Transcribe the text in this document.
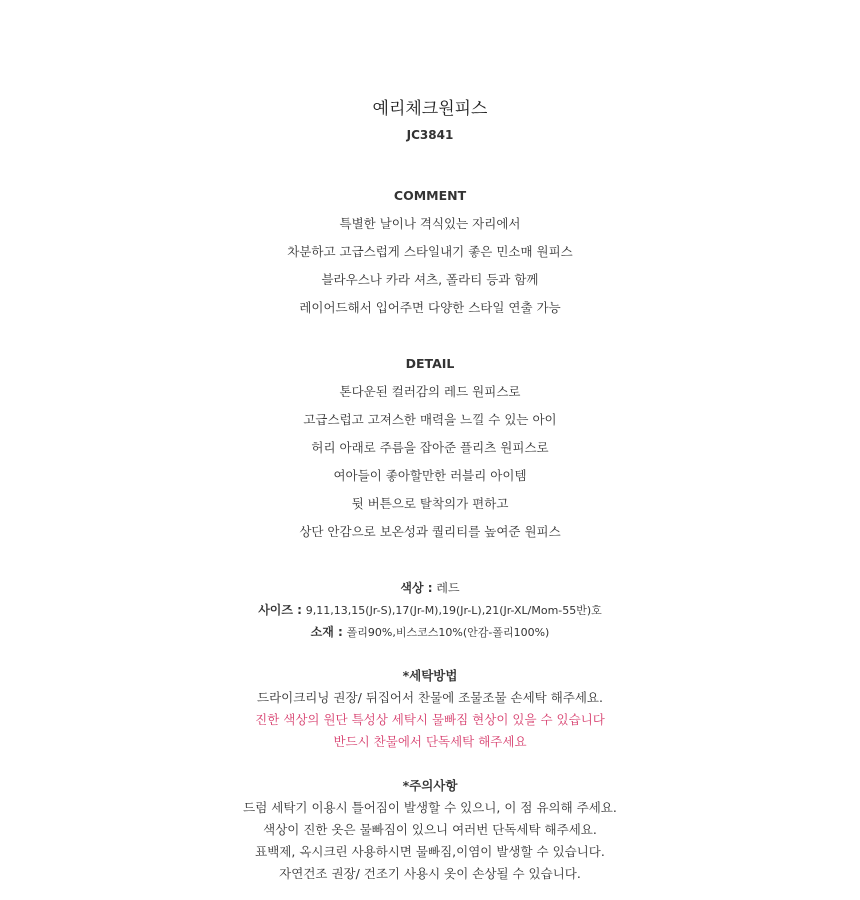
예리체크원피스
JC3841
COMMENT
특별한 날이나 격식있는 자리에서
차분하고 고급스럽게 스타일내기 좋은 민소매 원피스
블라우스나 카라 셔츠, 폴라티 등과 함께
레이어드해서 입어주면 다양한 스타일 연출 가능
DETAIL
톤다운된 컬러감의 레드 원피스로
고급스럽고 고져스한 매력을 느낄 수 있는 아이
허리 아래로 주름을 잡아준 플리츠 원피스로
여아들이 좋아할만한 러블리 아이템
뒷 버튼으로 탈착의가 편하고
상단 안감으로 보온성과 퀄리티를 높여준 원피스
색상 : 레드
사이즈 : 9,11,13,15(Jr-S),17(Jr-M),19(Jr-L),21(Jr-XL/Mom-55반)호
소재 : 폴리90%,비스코스10%(안감-폴리100%)
*세탁방법
드라이크리닝 권장/ 뒤집어서 찬물에 조물조물 손세탁 해주세요.
진한 색상의 원단 특성상 세탁시 물빠짐 현상이 있을 수 있습니다
반드시 찬물에서 단독세탁 해주세요
*주의사항
드럼 세탁기 이용시 틀어짐이 발생할 수 있으니, 이 점 유의해 주세요.
색상이 진한 옷은 물빠짐이 있으니 여러번 단독세탁 해주세요.
표백제, 옥시크린 사용하시면 물빠짐,이염이 발생할 수 있습니다.
자연건조 권장/ 건조기 사용시 옷이 손상될 수 있습니다.
